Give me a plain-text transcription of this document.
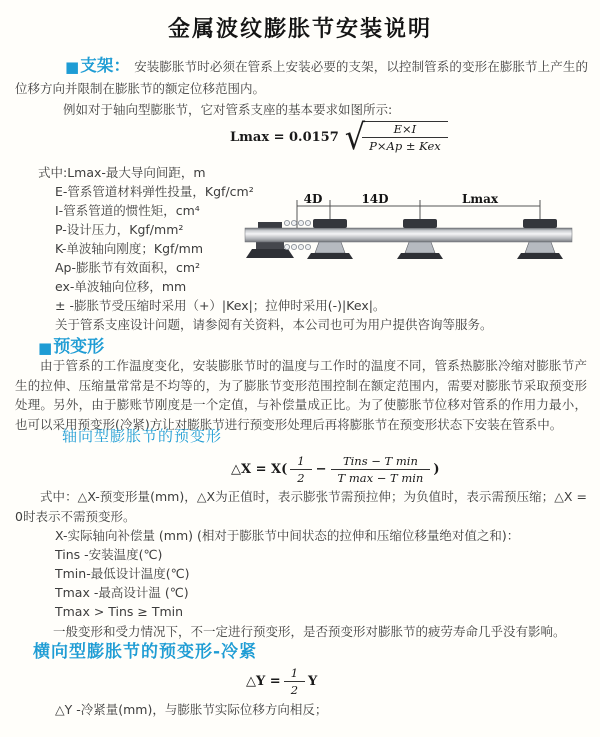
金属波纹膨胀节安装说明
■支架： 安装膨胀节时必须在管系上安装必要的支架，以控制管系的变形在膨胀节上产生的位移方向并限制在膨胀节的额定位移范围内。
例如对于轴向型膨胀节，它对管系支座的基本要求如图所示:
Lmax = 0.0157 √
$\frac{E\times I}{\text{P×Ap ± Kex}}$
式中:Lmax-最大导向间距，m
E-管系管道材料弹性投量，Kgf/cm²
I-管系管道的惯性矩，cm⁴
P-设计压力，Kgf/mm²
K-单波轴向刚度；Kgf/mm
Ap-膨胀节有效面积，cm²
ex-单波轴向位移，mm
± -膨胀节受压缩时采用（+）|Kex|；拉伸时采用(-)|Kex|。
关于管系支座设计问题，请参阅有关资料，本公司也可为用户提供咨询等服务。
4D	14D	Lmax
■预变形
由于管系的工作温度变化，安装膨胀节时的温度与工作时的温度不同，管系热膨胀冷缩对膨胀节产生的拉伸、压缩量常常是不均等的，为了膨胀节变形范围控制在额定范围内，需要对膨胀节采取预变形处理。另外，由于膨账节刚度是一个定值，与补偿量成正比。为了使膨胀节位移对管系的作用力最小，也可以采用预变形(冷紧)方让对膨胀节进行预变形处理后再将膨胀节在预变形状态下安装在管系中。
轴向型膨胀节的预变形
△X = $X( \frac{1}{2} - \frac{\text{Tins − T min}}{\text{T max − T min}}$ )
式中：△X-预变形量(mm)，△X为正值时，表示膨张节需预拉伸；为负值时，表示需预压缩；△X = 0时表示不需预变形。
X-实际轴向补偿量 (mm) (相对于膨胀节中间状态的拉伸和压缩位移量绝对值之和)：
Tins -安装温度(℃)
Tmin-最低设计温度(℃)
Tmax -最高设计温 (℃)
Tmax > Tins ≥ Tmin
一般变形和受力情况下，不一定进行预变形，是否预变形对膨胀节的疲劳寿命几乎没有影响。
横向型膨胀节的预变形-冷紧
△Y = $\frac{1}{2}$ Y
△Y -冷紧量(mm)，与膨胀节实际位移方向相反；
